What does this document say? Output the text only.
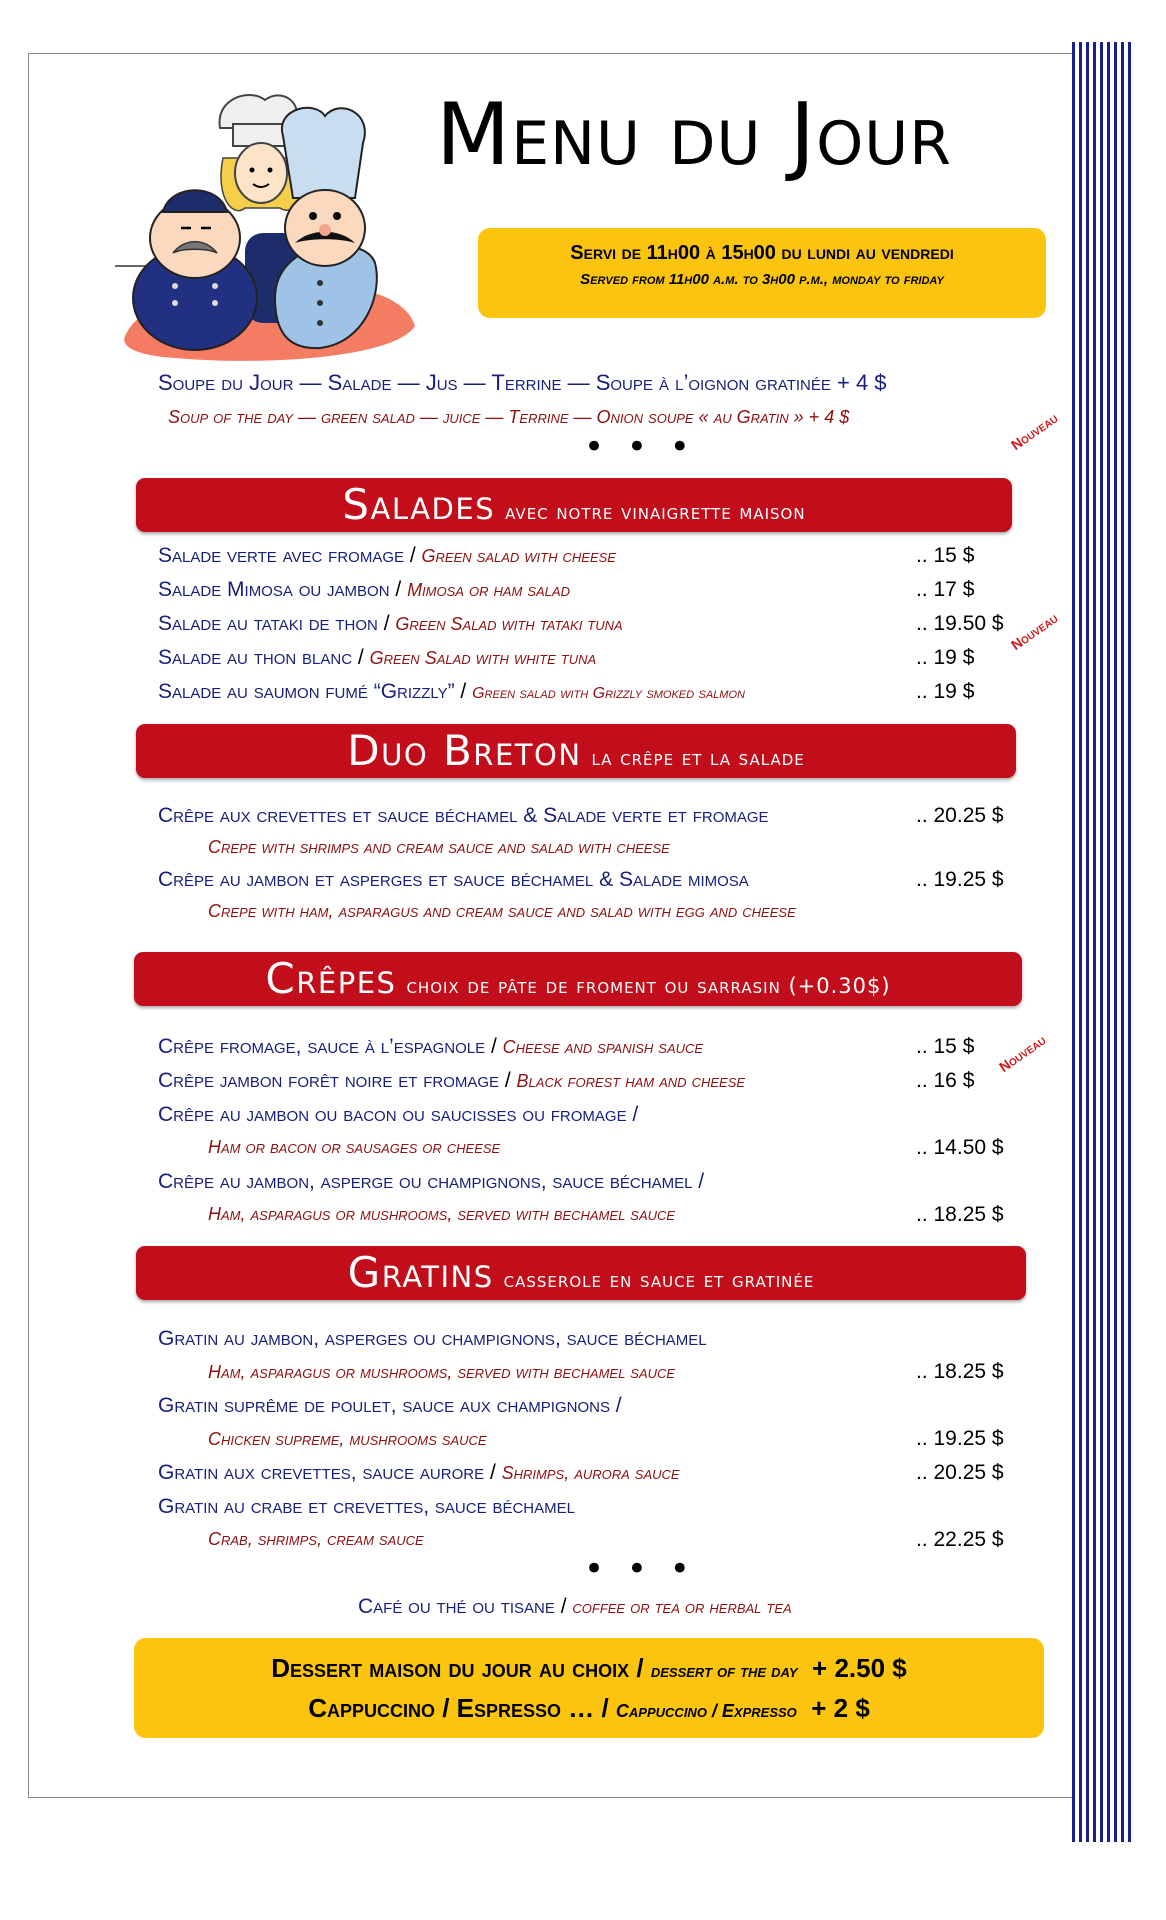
Menu du Jour
Servi de 11h00 à 15h00 du lundi au vendredi
Served from 11h00 a.m. to 3h00 p.m., monday to friday
Soupe du Jour — Salade — Jus — Terrine — Soupe à l’oignon gratinée + 4 $
Soup of the day — green salad — juice — Terrine — Onion soupe « au Gratin » + 4 $	Nouveau
• • •
Salades avec notre vinaigrette maison
Salade verte avec fromage / Green salad with cheese	.. 15 $
Salade Mimosa ou jambon / Mimosa or ham salad	.. 17 $
Salade au tataki de thon / Green Salad with tataki tuna	.. 19.50 $ Nouveau
Salade au thon blanc / Green Salad with white tuna	.. 19 $
Salade au saumon fumé “Grizzly” / Green salad with Grizzly smoked salmon	.. 19 $
Duo Breton la crêpe et la salade
Crêpe aux crevettes et sauce béchamel & Salade verte et fromage	.. 20.25 $
Crepe with shrimps and cream sauce and salad with cheese
Crêpe au jambon et asperges et sauce béchamel & Salade mimosa	.. 19.25 $
Crepe with ham, asparagus and cream sauce and salad with egg and cheese
Crêpes choix de pâte de froment ou sarrasin (+0.30$)
Crêpe fromage, sauce à l’espagnole / Cheese and spanish sauce	.. 15 $ Nouveau
Crêpe jambon forêt noire et fromage / Black forest ham and cheese	.. 16 $
Crêpe au jambon ou bacon ou saucisses ou fromage /
Ham or bacon or sausages or cheese	.. 14.50 $
Crêpe au jambon, asperge ou champignons, sauce béchamel /
Ham, asparagus or mushrooms, served with bechamel sauce	.. 18.25 $
Gratins casserole en sauce et gratinée
Gratin au jambon, asperges ou champignons, sauce béchamel
Ham, asparagus or mushrooms, served with bechamel sauce	.. 18.25 $
Gratin suprême de poulet, sauce aux champignons /
Chicken supreme, mushrooms sauce	.. 19.25 $
Gratin aux crevettes, sauce aurore / Shrimps, aurora sauce	.. 20.25 $
Gratin au crabe et crevettes, sauce béchamel
Crab, shrimps, cream sauce	.. 22.25 $
• • •
Café ou thé ou tisane / coffee or tea or herbal tea
Dessert maison du jour au choix / dessert of the day + 2.50 $
Cappuccino / Espresso … / Cappuccino / Expresso + 2 $
